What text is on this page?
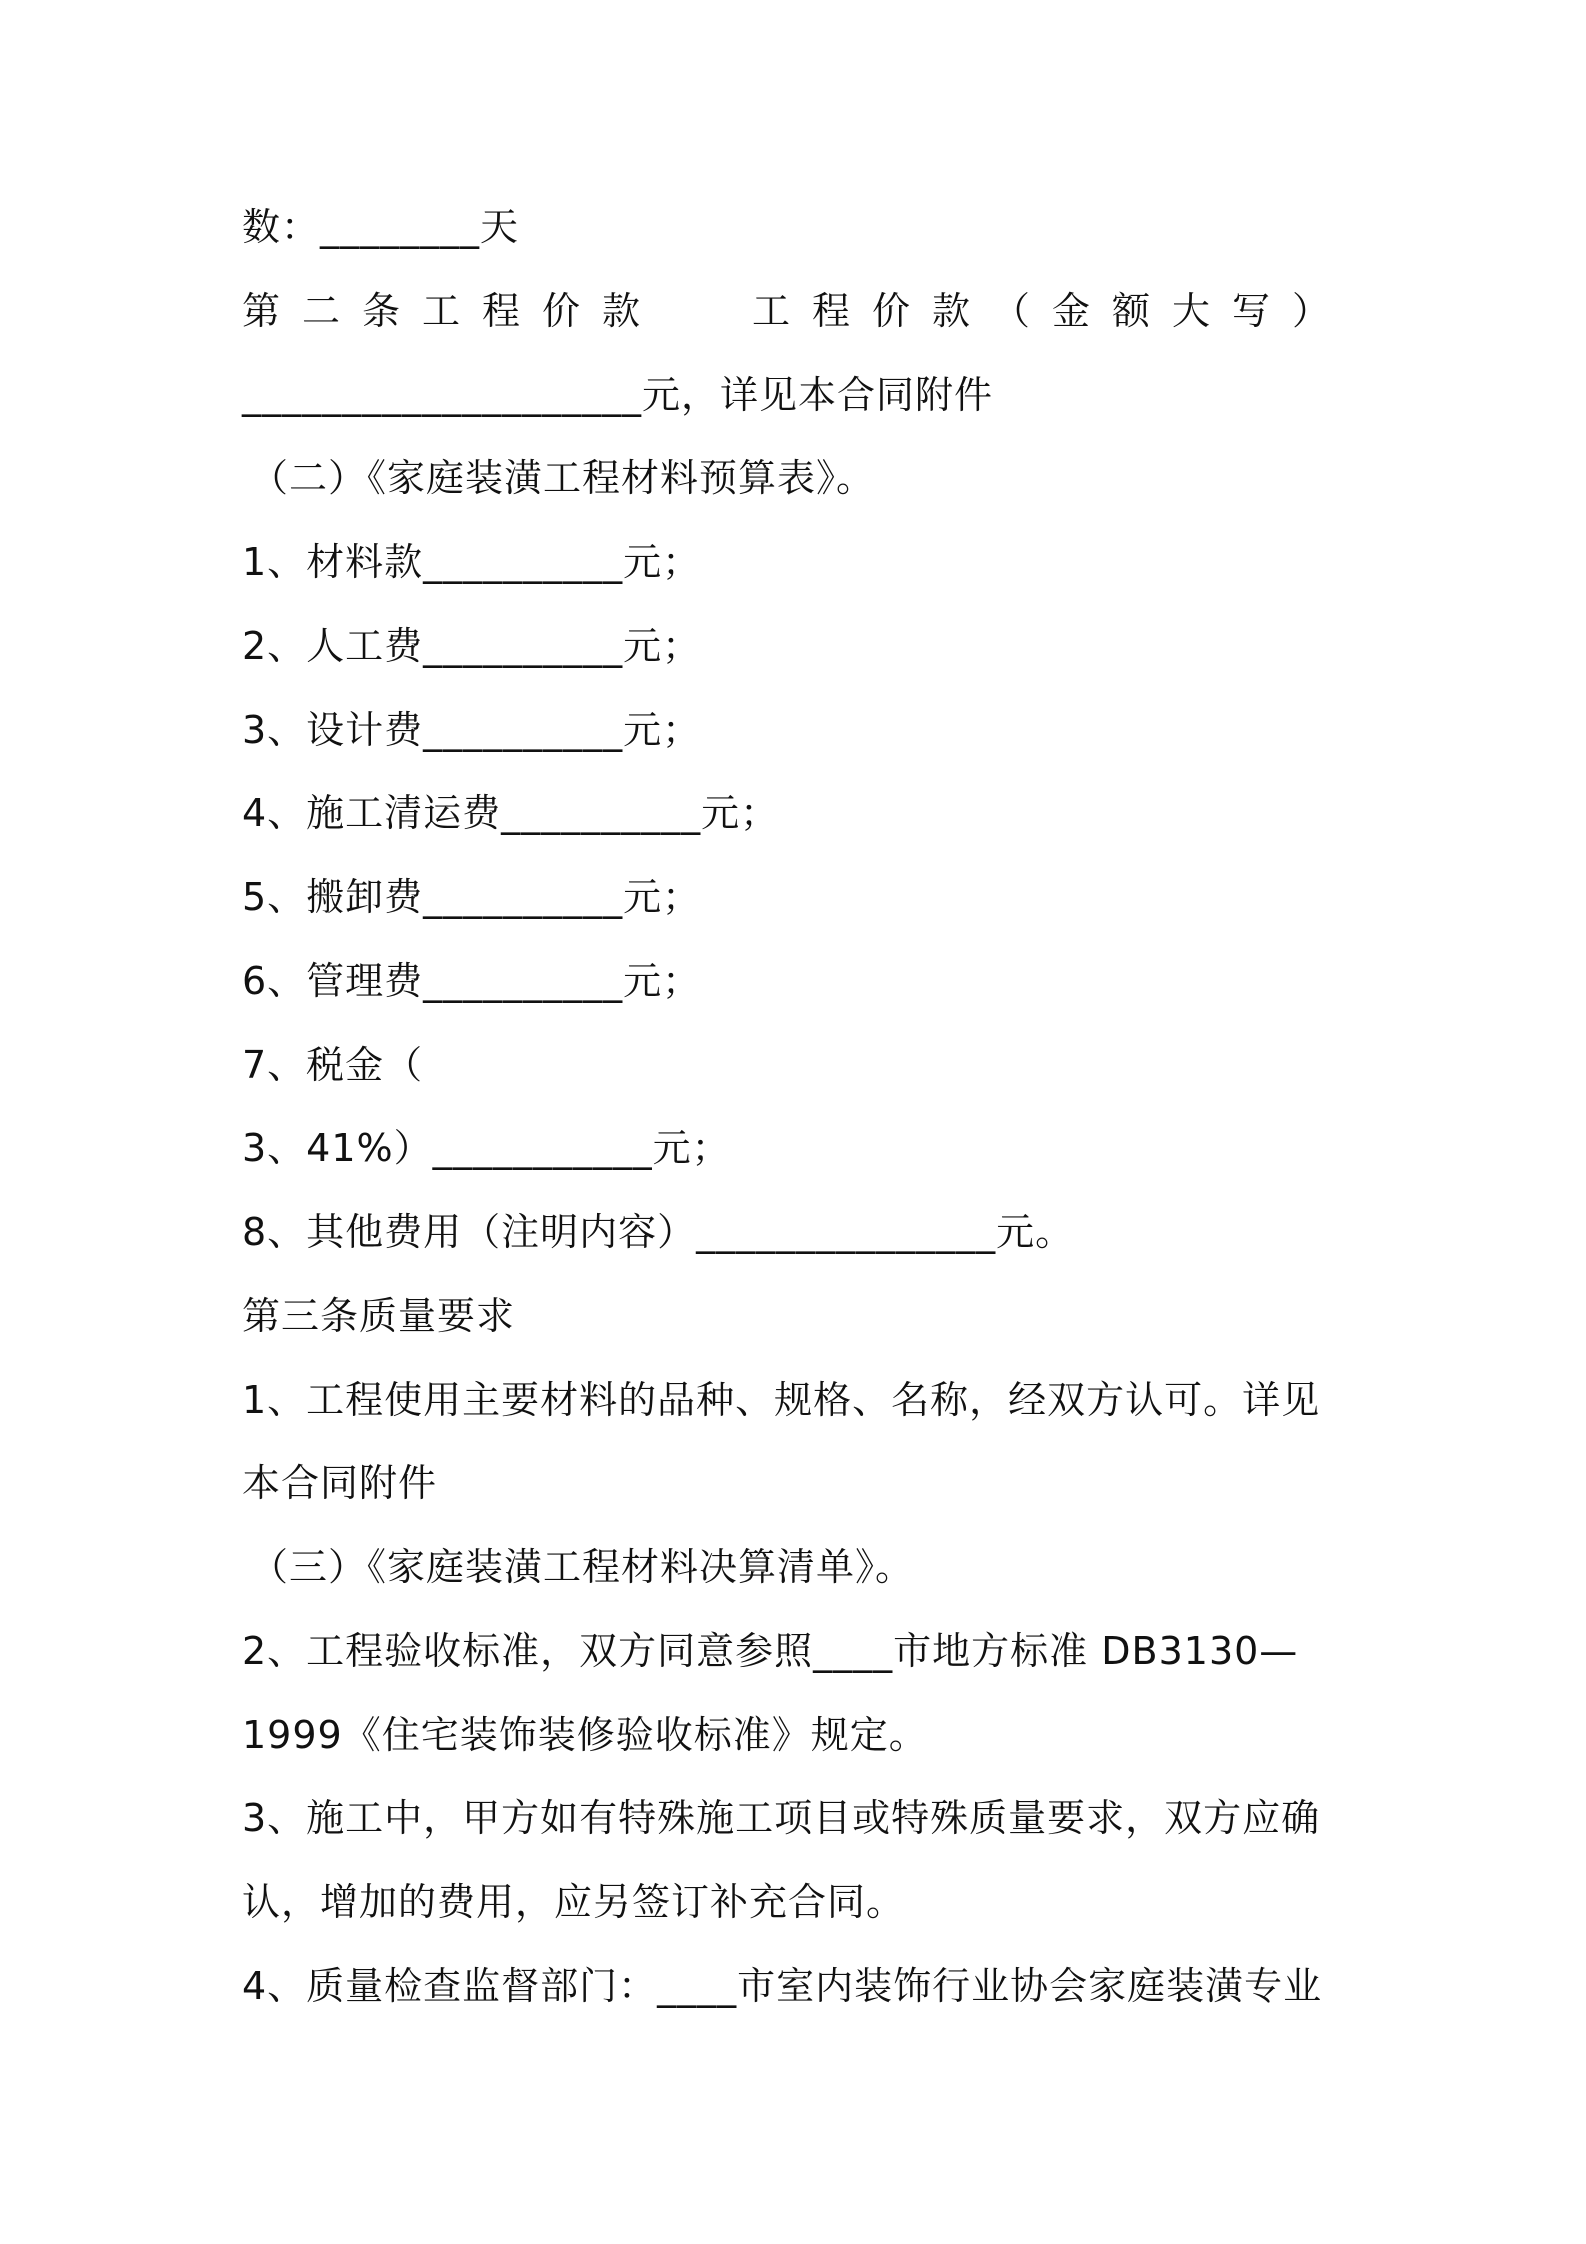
数：________天
第二条工程价款 工程价款（金额大写）
____________________元，详见本合同附件
（二）《家庭装潢工程材料预算表》。
1、材料款__________元；
2、人工费__________元；
3、设计费__________元；
4、施工清运费__________元；
5、搬卸费__________元；
6、管理费__________元；
7、税金（
3、41%）___________元；
8、其他费用（注明内容）_______________元。
第三条质量要求
1、工程使用主要材料的品种、规格、名称，经双方认可。详见
本合同附件
（三）《家庭装潢工程材料决算清单》。
2、工程验收标准，双方同意参照____市地方标准 DB3130—
1999《住宅装饰装修验收标准》规定。
3、施工中，甲方如有特殊施工项目或特殊质量要求，双方应确
认，增加的费用，应另签订补充合同。
4、质量检查监督部门：____市室内装饰行业协会家庭装潢专业
